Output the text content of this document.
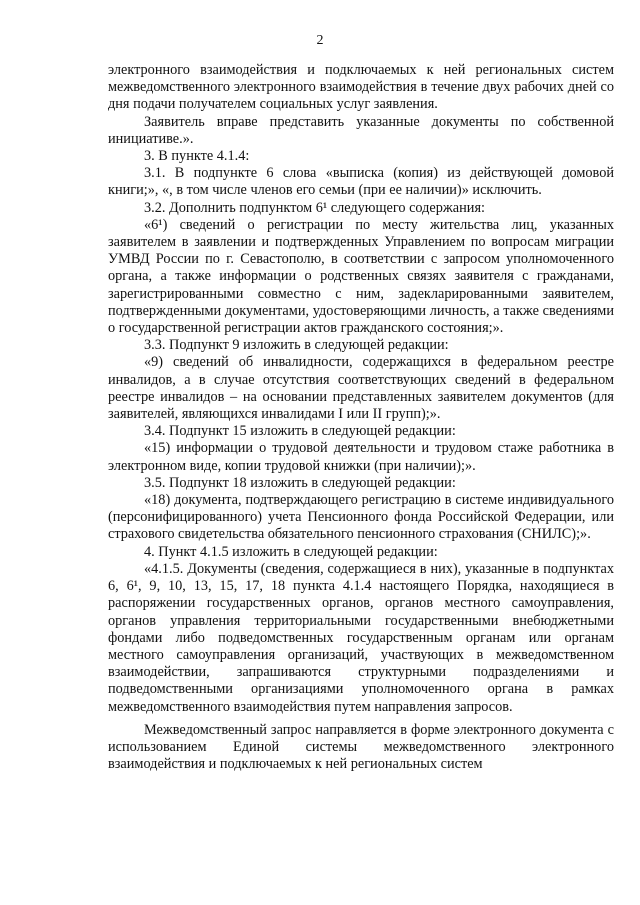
2

электронного взаимодействия и подключаемых к ней региональных систем межведомственного электронного взаимодействия в течение двух рабочих дней со дня подачи получателем социальных услуг заявления.

Заявитель вправе представить указанные документы по собственной инициативе.».

3. В пункте 4.1.4:

3.1. В подпункте 6 слова «выписка (копия) из действующей домовой книги;», «, в том числе членов его семьи (при ее наличии)» исключить.

3.2. Дополнить подпунктом 6¹ следующего содержания:

«6¹) сведений о регистрации по месту жительства лиц, указанных заявителем в заявлении и подтвержденных Управлением по вопросам миграции УМВД России по г. Севастополю, в соответствии с запросом уполномоченного органа, а также информации о родственных связях заявителя с гражданами, зарегистрированными совместно с ним, задекларированными заявителем, подтвержденными документами, удостоверяющими личность, а также сведениями о государственной регистрации актов гражданского состояния;».

3.3. Подпункт 9 изложить в следующей редакции:

«9) сведений об инвалидности, содержащихся в федеральном реестре инвалидов, а в случае отсутствия соответствующих сведений в федеральном реестре инвалидов – на основании представленных заявителем документов (для заявителей, являющихся инвалидами I или II групп);».

3.4. Подпункт 15 изложить в следующей редакции:

«15) информации о трудовой деятельности и трудовом стаже работника в электронном виде, копии трудовой книжки (при наличии);».

3.5. Подпункт 18 изложить в следующей редакции:

«18) документа, подтверждающего регистрацию в системе индивидуального (персонифицированного) учета Пенсионного фонда Российской Федерации, или страхового свидетельства обязательного пенсионного страхования (СНИЛС);».

4. Пункт 4.1.5 изложить в следующей редакции:

«4.1.5. Документы (сведения, содержащиеся в них), указанные в подпунктах 6, 6¹, 9, 10, 13, 15, 17, 18 пункта 4.1.4 настоящего Порядка, находящиеся в распоряжении государственных органов, органов местного самоуправления, органов управления территориальными государственными внебюджетными фондами либо подведомственных государственным органам или органам местного самоуправления организаций, участвующих в межведомственном взаимодействии, запрашиваются структурными подразделениями и подведомственными организациями уполномоченного органа в рамках межведомственного взаимодействия путем направления запросов.

Межведомственный запрос направляется в форме электронного документа с использованием Единой системы межведомственного электронного взаимодействия и подключаемых к ней региональных систем
